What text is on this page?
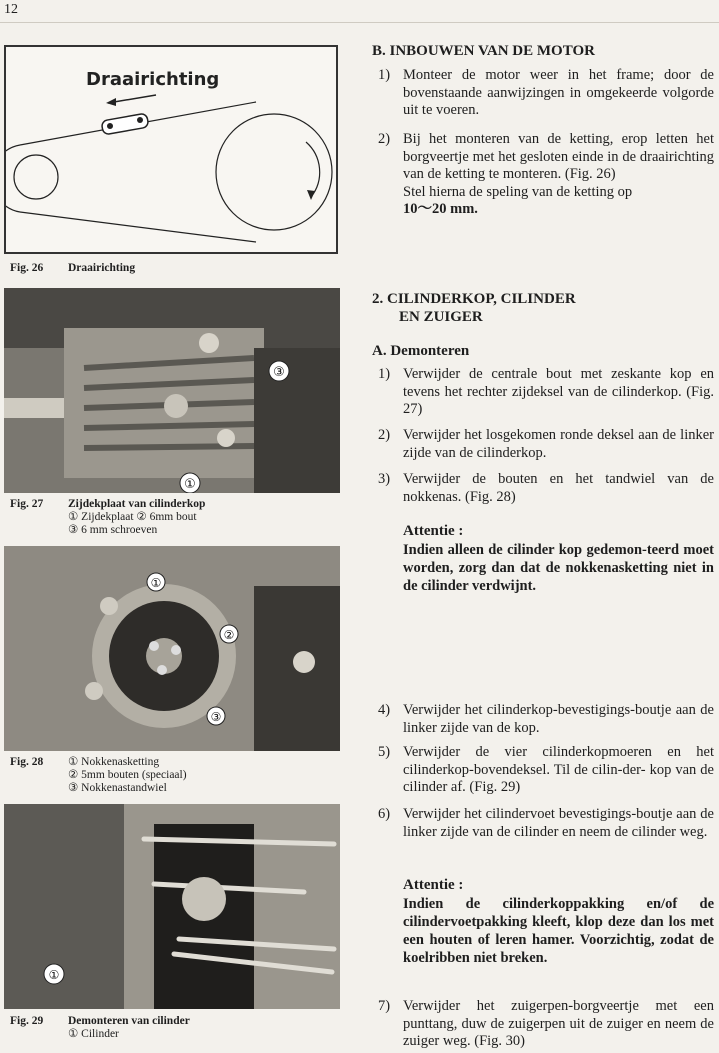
12
Draairichting
Fig. 26 Draairichting
③
①
Fig. 27 Zijdekplaat van cilinderkop
① Zijdekplaat ② 6mm bout
③ 6 mm schroeven
①
②
③
Fig. 28 ① Nokkenasketting
② 5mm bouten (speciaal)
③ Nokkenastandwiel
①
Fig. 29 Demonteren van cilinder
① Cilinder
B. INBOUWEN VAN DE MOTOR
1) Monteer de motor weer in het frame; door de bovenstaande aanwijzingen in omgekeerde volgorde uit te voeren.
2) Bij het monteren van de ketting, erop letten het borgveertje met het gesloten einde in de draairichting van de ketting te monteren. (Fig. 26)
Stel hierna de speling van de ketting op
10～20 mm.
2. CILINDERKOP, CILINDER
EN ZUIGER
A. Demonteren
1) Verwijder de centrale bout met zeskante kop en tevens het rechter zijdeksel van de cilinderkop. (Fig. 27)
2) Verwijder het losgekomen ronde deksel aan de linker zijde van de cilinderkop.
3) Verwijder de bouten en het tandwiel van de nokkenas. (Fig. 28)
Attentie :
Indien alleen de cilinder kop gedemon-teerd moet worden, zorg dan dat de nokkenasketting niet in de cilinder verdwijnt.
4) Verwijder het cilinderkop-bevestigings-boutje aan de linker zijde van de kop.
5) Verwijder de vier cilinderkopmoeren en het cilinderkop-bovendeksel. Til de cilin-der- kop van de cilinder af. (Fig. 29)
6) Verwijder het cilindervoet bevestigings-boutje aan de linker zijde van de cilinder en neem de cilinder weg.
Attentie :
Indien de cilinderkoppakking en/of de cilindervoetpakking kleeft, klop deze dan los met een houten of leren hamer. Voorzichtig, zodat de koelribben niet breken.
7) Verwijder het zuigerpen-borgveertje met een punttang, duw de zuigerpen uit de zuiger en neem de zuiger weg. (Fig. 30)
